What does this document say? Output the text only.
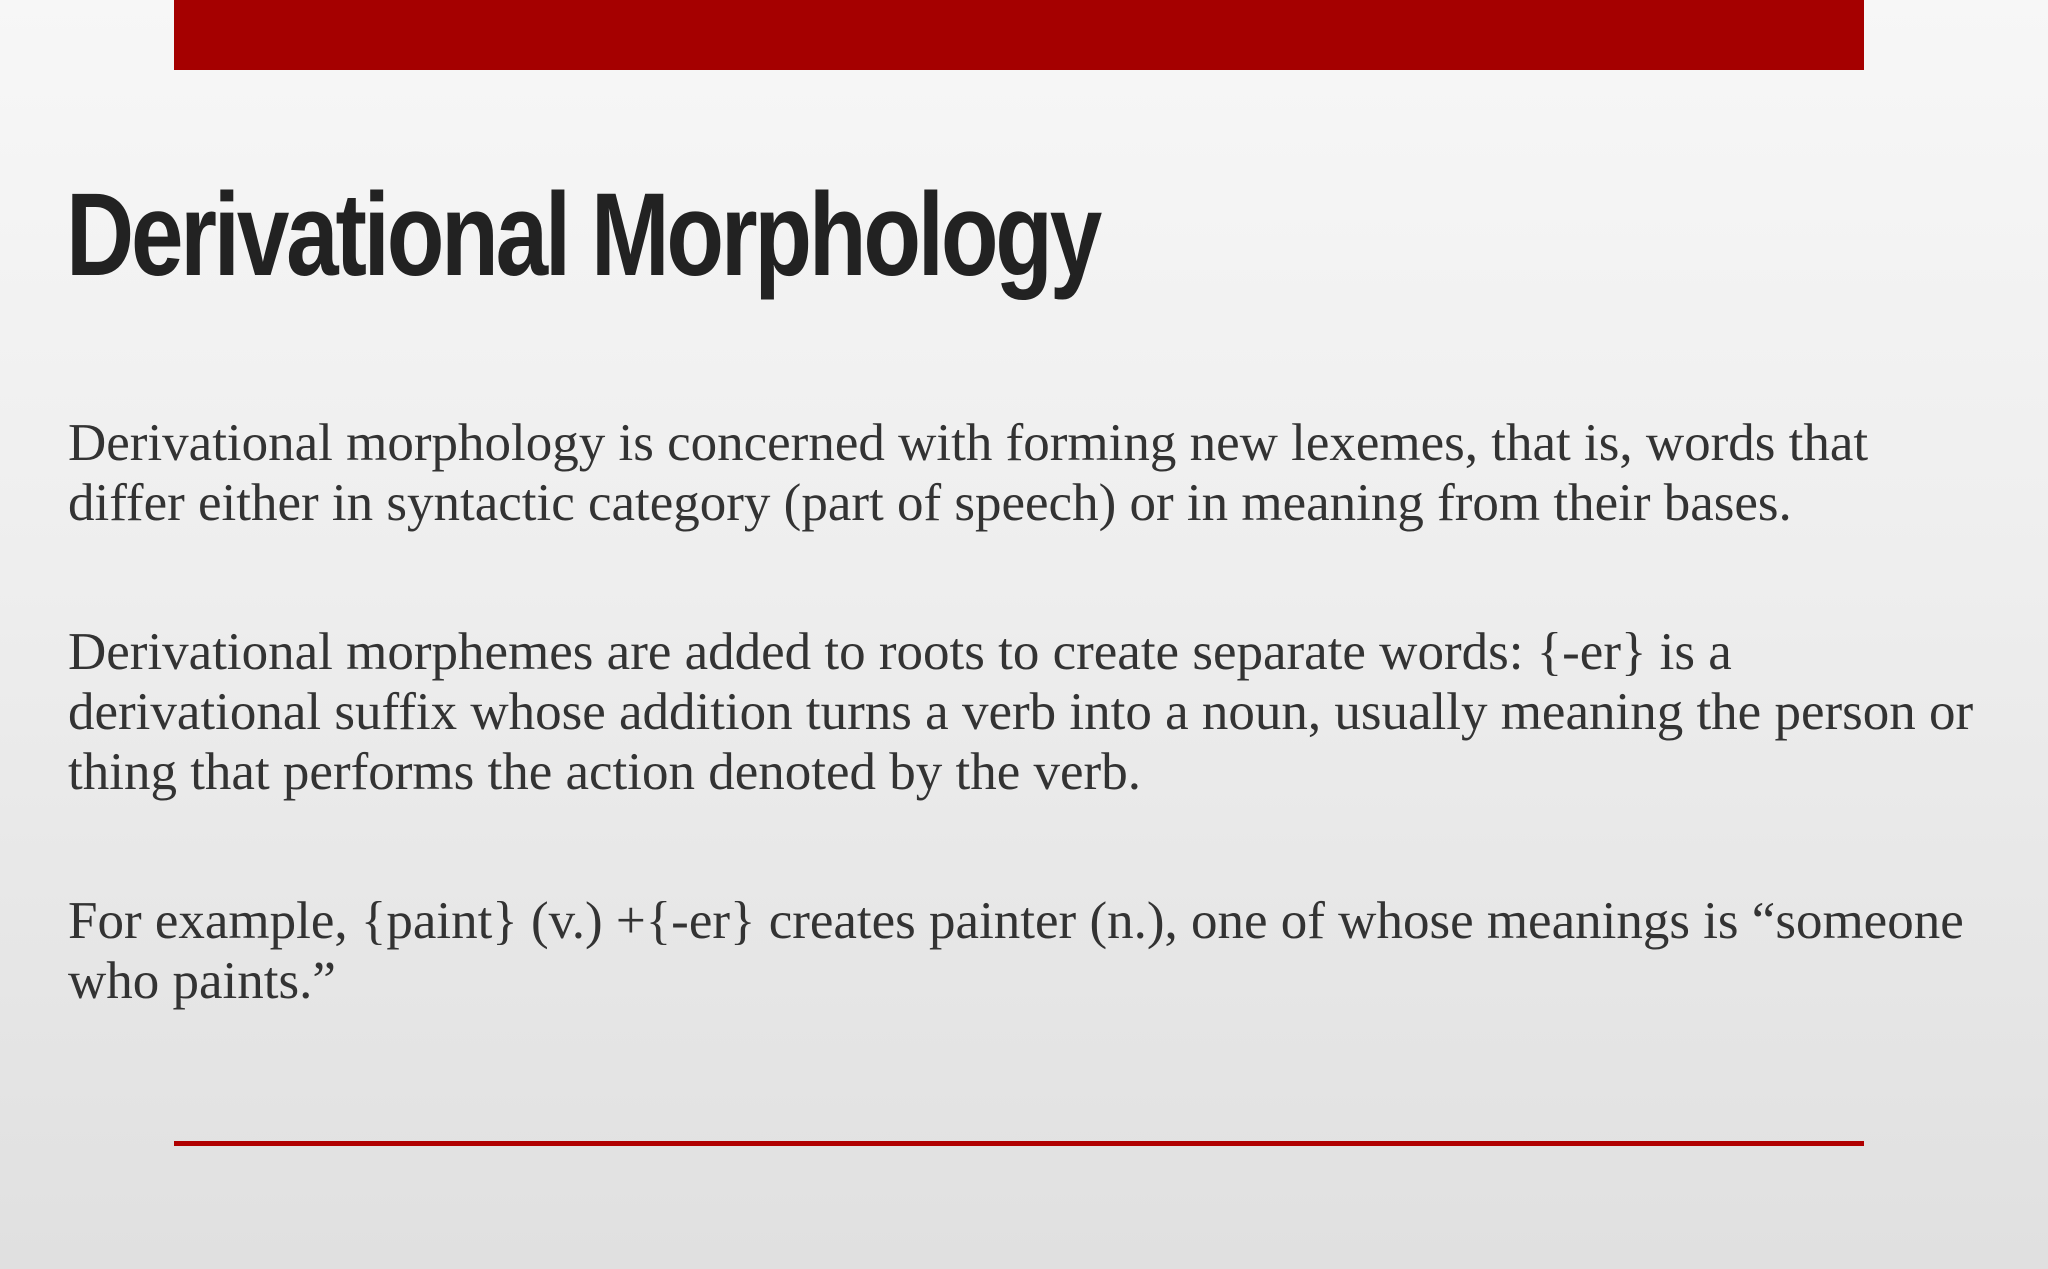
Derivational Morphology

Derivational morphology is concerned with forming new lexemes, that is, words that differ either in syntactic category (part of speech) or in meaning from their bases.

Derivational morphemes are added to roots to create separate words: {-er} is a derivational suffix whose addition turns a verb into a noun, usually meaning the person or thing that performs the action denoted by the verb.

For example, {paint} (v.) +{-er} creates painter (n.), one of whose meanings is “someone who paints.”
